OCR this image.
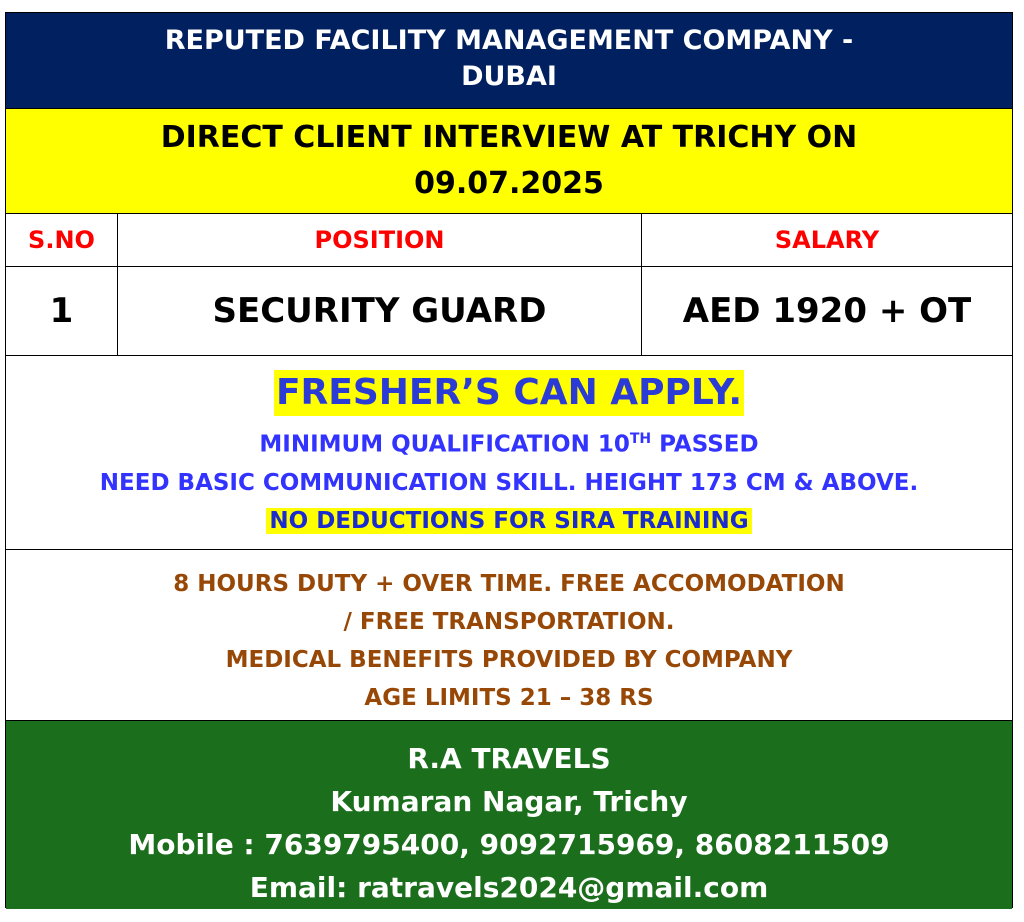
REPUTED FACILITY MANAGEMENT COMPANY -
DUBAI
DIRECT CLIENT INTERVIEW AT TRICHY ON
09.07.2025
S.NO	POSITION	SALARY
1	SECURITY GUARD	AED 1920 + OT
FRESHER’S CAN APPLY.
MINIMUM QUALIFICATION 10TH PASSED
NEED BASIC COMMUNICATION SKILL. HEIGHT 173 CM & ABOVE.
NO DEDUCTIONS FOR SIRA TRAINING
8 HOURS DUTY + OVER TIME. FREE ACCOMODATION
/ FREE TRANSPORTATION.
MEDICAL BENEFITS PROVIDED BY COMPANY
AGE LIMITS 21 – 38 RS
R.A TRAVELS
Kumaran Nagar, Trichy
Mobile : 7639795400, 9092715969, 8608211509
Email: ratravels2024@gmail.com
